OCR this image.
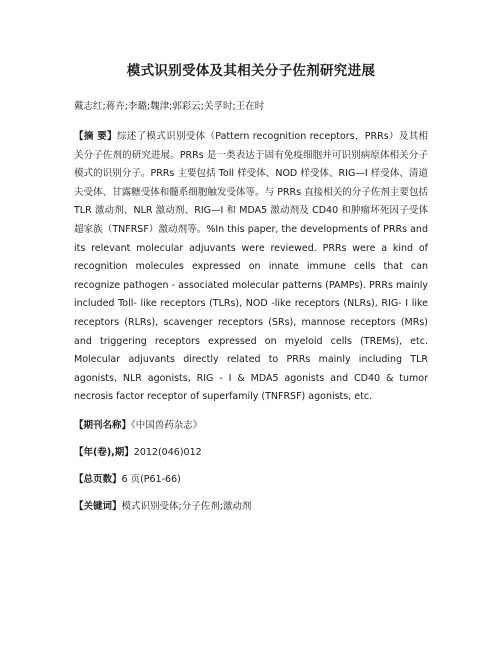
模式识别受体及其相关分子佐剂研究进展
戴志红;蒋卉;李璐;魏津;郭彩云;关孚时;王在时

【摘 要】综述了模式识别受体（Pattern recognition receptors，PRRs）及其相关分子佐剂的研究进展。PRRs 是一类表达于固有免疫细胞并可识别病原体相关分子模式的识别分子。PRRs 主要包括 Toll 样受体、NOD 样受体、RIG—I 样受体、清道夫受体、甘露糖受体和髓系细胞触发受体等。与 PRRs 直接相关的分子佐剂主要包括 TLR 激动剂、NLR 激动剂、RIG—I 和 MDA5 激动剂及 CD40 和肿瘤坏死因子受体超家族（TNFRSF）激动剂等。%In this paper, the developments of PRRs and its relevant molecular adjuvants were reviewed. PRRs were a kind of recognition molecules expressed on innate immune cells that can recognize pathogen - associated molecular patterns (PAMPs). PRRs mainly included Toll- like receptors (TLRs), NOD -like receptors (NLRs), RIG- I like receptors (RLRs), scavenger receptors (SRs), mannose receptors (MRs) and triggering receptors expressed on myeloid cells (TREMs), etc. Molecular adjuvants directly related to PRRs mainly including TLR agonists, NLR agonists, RIG - I & MDA5 agonists and CD40 & tumor necrosis factor receptor of superfamily (TNFRSF) agonists, etc.

【期刊名称】《中国兽药杂志》

【年(卷),期】2012(046)012

【总页数】6 页(P61-66)

【关键词】模式识别受体;分子佐剂;激动剂
